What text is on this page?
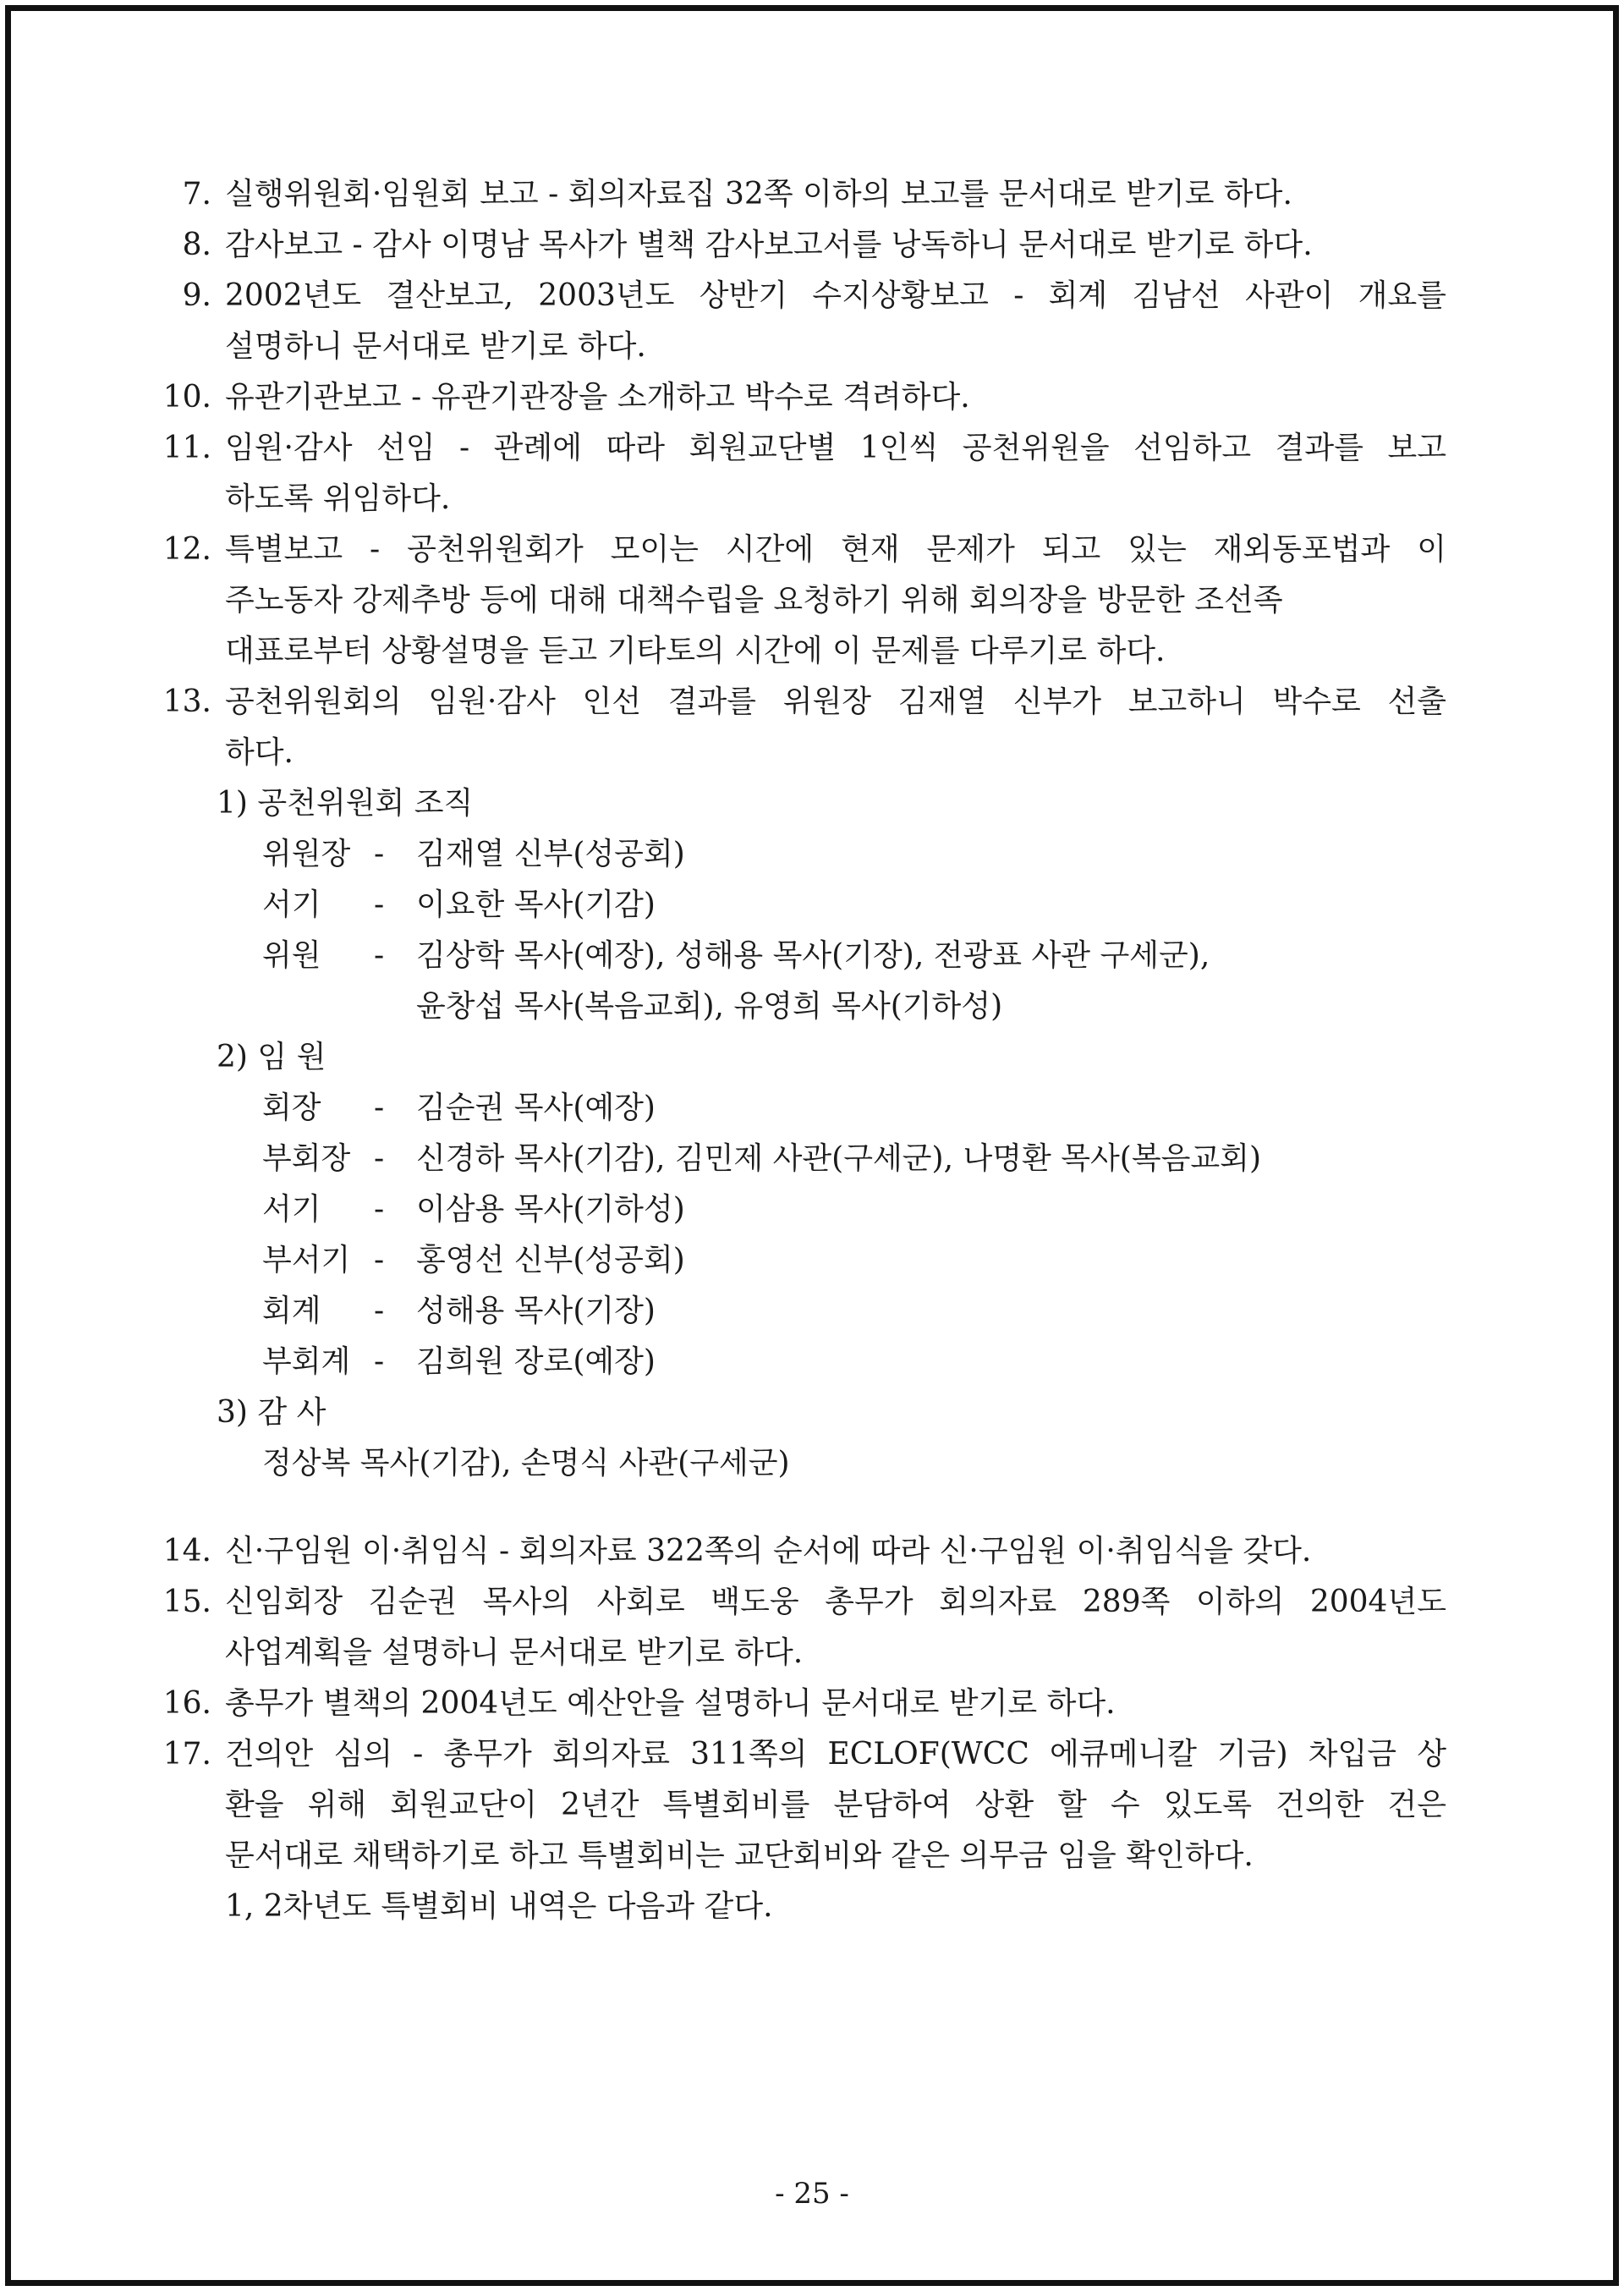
7. 실행위원회·임원회 보고 - 회의자료집 32쪽 이하의 보고를 문서대로 받기로 하다.
8. 감사보고 - 감사 이명남 목사가 별책 감사보고서를 낭독하니 문서대로 받기로 하다.
9. 2002년도 결산보고, 2003년도 상반기 수지상황보고 - 회계 김남선 사관이 개요를
설명하니 문서대로 받기로 하다.
10. 유관기관보고 - 유관기관장을 소개하고 박수로 격려하다.
11. 임원·감사 선임 - 관례에 따라 회원교단별 1인씩 공천위원을 선임하고 결과를 보고
하도록 위임하다.
12. 특별보고 - 공천위원회가 모이는 시간에 현재 문제가 되고 있는 재외동포법과 이
주노동자 강제추방 등에 대해 대책수립을 요청하기 위해 회의장을 방문한 조선족
대표로부터 상황설명을 듣고 기타토의 시간에 이 문제를 다루기로 하다.
13. 공천위원회의 임원·감사 인선 결과를 위원장 김재열 신부가 보고하니 박수로 선출
하다.
1) 공천위원회 조직
위원장 - 김재열 신부(성공회)
서기	- 이요한 목사(기감)
위원	- 김상학 목사(예장), 성해용 목사(기장), 전광표 사관 구세군),
윤창섭 목사(복음교회), 유영희 목사(기하성)
2) 임 원
회장	- 김순권 목사(예장)
부회장 - 신경하 목사(기감), 김민제 사관(구세군), 나명환 목사(복음교회)
서기	- 이삼용 목사(기하성)
부서기 - 홍영선 신부(성공회)
회계	- 성해용 목사(기장)
부회계 - 김희원 장로(예장)
3) 감 사
정상복 목사(기감), 손명식 사관(구세군)
14. 신·구임원 이·취임식 - 회의자료 322쪽의 순서에 따라 신·구임원 이·취임식을 갖다.
15. 신임회장 김순권 목사의 사회로 백도웅 총무가 회의자료 289쪽 이하의 2004년도
사업계획을 설명하니 문서대로 받기로 하다.
16. 총무가 별책의 2004년도 예산안을 설명하니 문서대로 받기로 하다.
17. 건의안 심의 - 총무가 회의자료 311쪽의 ECLOF(WCC 에큐메니칼 기금) 차입금 상
환을 위해 회원교단이 2년간 특별회비를 분담하여 상환 할 수 있도록 건의한 건은
문서대로 채택하기로 하고 특별회비는 교단회비와 같은 의무금 임을 확인하다.
1, 2차년도 특별회비 내역은 다음과 같다.
- 25 -
